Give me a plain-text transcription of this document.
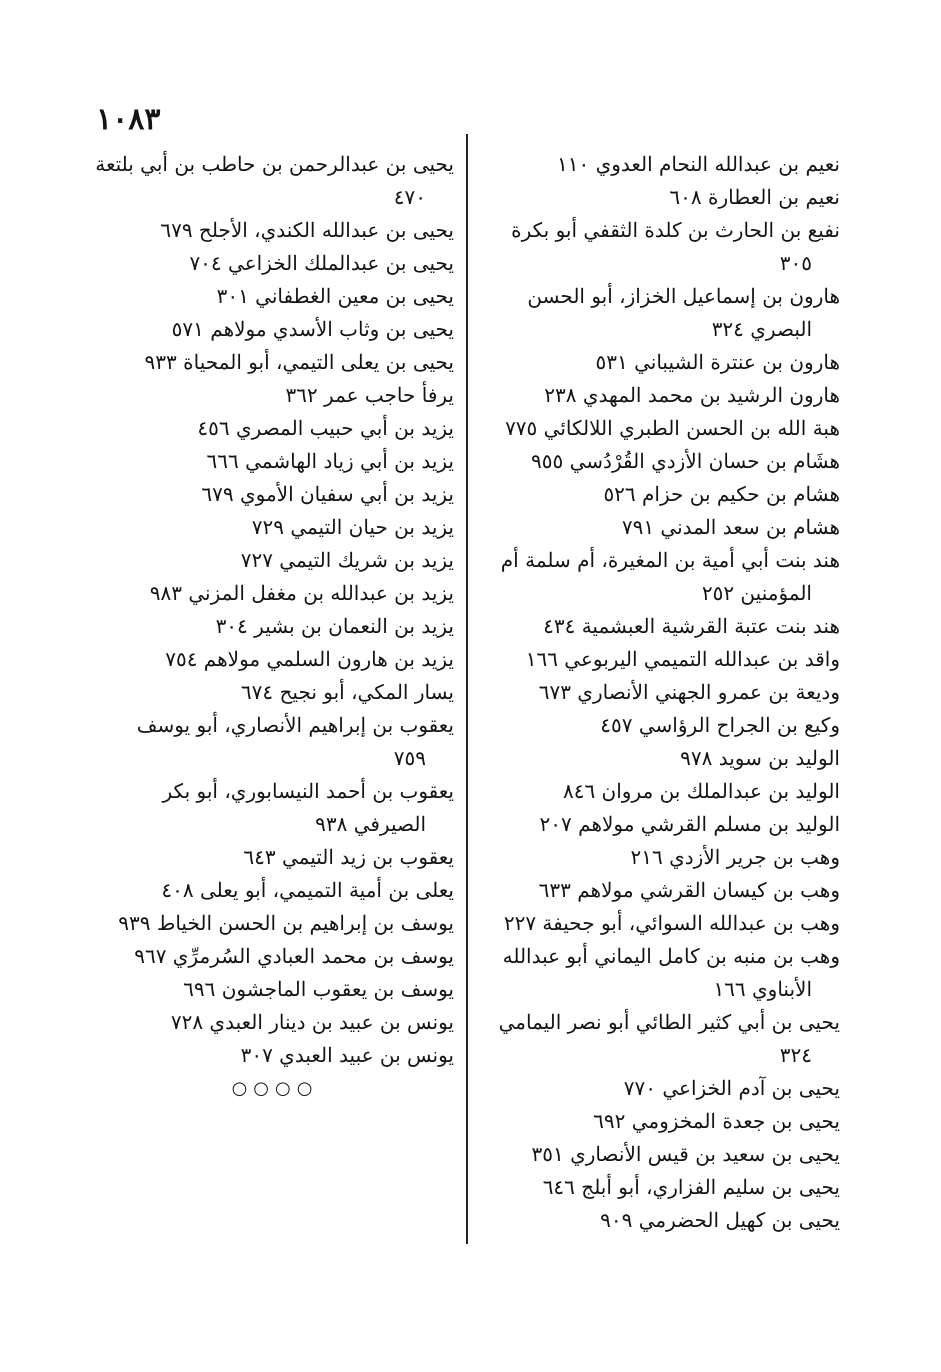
١٠٨٣
نعيم بن عبدالله النحام العدوي ١١٠
نعيم بن العطارة ٦٠٨
نفيع بن الحارث بن كلدة الثقفي أبو بكرة
٣٠٥
هارون بن إسماعيل الخزاز، أبو الحسن
البصري ٣٢٤
هارون بن عنترة الشيباني ٥٣١
هارون الرشيد بن محمد المهدي ٢٣٨
هبة الله بن الحسن الطبري اللالكائي ٧٧٥
هشَام بن حسان الأزدي القُرْدُسي ٩٥٥
هشام بن حكيم بن حزام ٥٢٦
هشام بن سعد المدني ٧٩١
هند بنت أبي أمية بن المغيرة، أم سلمة أم
المؤمنين ٢٥٢
هند بنت عتبة القرشية العبشمية ٤٣٤
واقد بن عبدالله التميمي اليربوعي ١٦٦
وديعة بن عمرو الجهني الأنصاري ٦٧٣
وكيع بن الجراح الرؤاسي ٤٥٧
الوليد بن سويد ٩٧٨
الوليد بن عبدالملك بن مروان ٨٤٦
الوليد بن مسلم القرشي مولاهم ٢٠٧
وهب بن جرير الأزدي ٢١٦
وهب بن كيسان القرشي مولاهم ٦٣٣
وهب بن عبدالله السوائي، أبو جحيفة ٢٢٧
وهب بن منبه بن كامل اليماني أبو عبدالله
الأبناوي ١٦٦
يحيى بن أبي كثير الطائي أبو نصر اليمامي
٣٢٤
يحيى بن آدم الخزاعي ٧٧٠
يحيى بن جعدة المخزومي ٦٩٢
يحيى بن سعيد بن قيس الأنصاري ٣٥١
يحيى بن سليم الفزاري، أبو أبلج ٦٤٦
يحيى بن كهيل الحضرمي ٩٠٩
يحيى بن عبدالرحمن بن حاطب بن أبي بلتعة
٤٧٠
يحيى بن عبدالله الكندي، الأجلح ٦٧٩
يحيى بن عبدالملك الخزاعي ٧٠٤
يحيى بن معين الغطفاني ٣٠١
يحيى بن وثاب الأسدي مولاهم ٥٧١
يحيى بن يعلى التيمي، أبو المحياة ٩٣٣
يرفأ حاجب عمر ٣٦٢
يزيد بن أبي حبيب المصري ٤٥٦
يزيد بن أبي زياد الهاشمي ٦٦٦
يزيد بن أبي سفيان الأموي ٦٧٩
يزيد بن حيان التيمي ٧٢٩
يزيد بن شريك التيمي ٧٢٧
يزيد بن عبدالله بن مغفل المزني ٩٨٣
يزيد بن النعمان بن بشير ٣٠٤
يزيد بن هارون السلمي مولاهم ٧٥٤
يسار المكي، أبو نجيح ٦٧٤
يعقوب بن إبراهيم الأنصاري، أبو يوسف
٧٥٩
يعقوب بن أحمد النيسابوري، أبو بكر
الصيرفي ٩٣٨
يعقوب بن زيد التيمي ٦٤٣
يعلى بن أمية التميمي، أبو يعلى ٤٠٨
يوسف بن إبراهيم بن الحسن الخياط ٩٣٩
يوسف بن محمد العبادي السُرمرِّي ٩٦٧
يوسف بن يعقوب الماجشون ٦٩٦
يونس بن عبيد بن دينار العبدي ٧٢٨
يونس بن عبيد العبدي ٣٠٧
○○○○
